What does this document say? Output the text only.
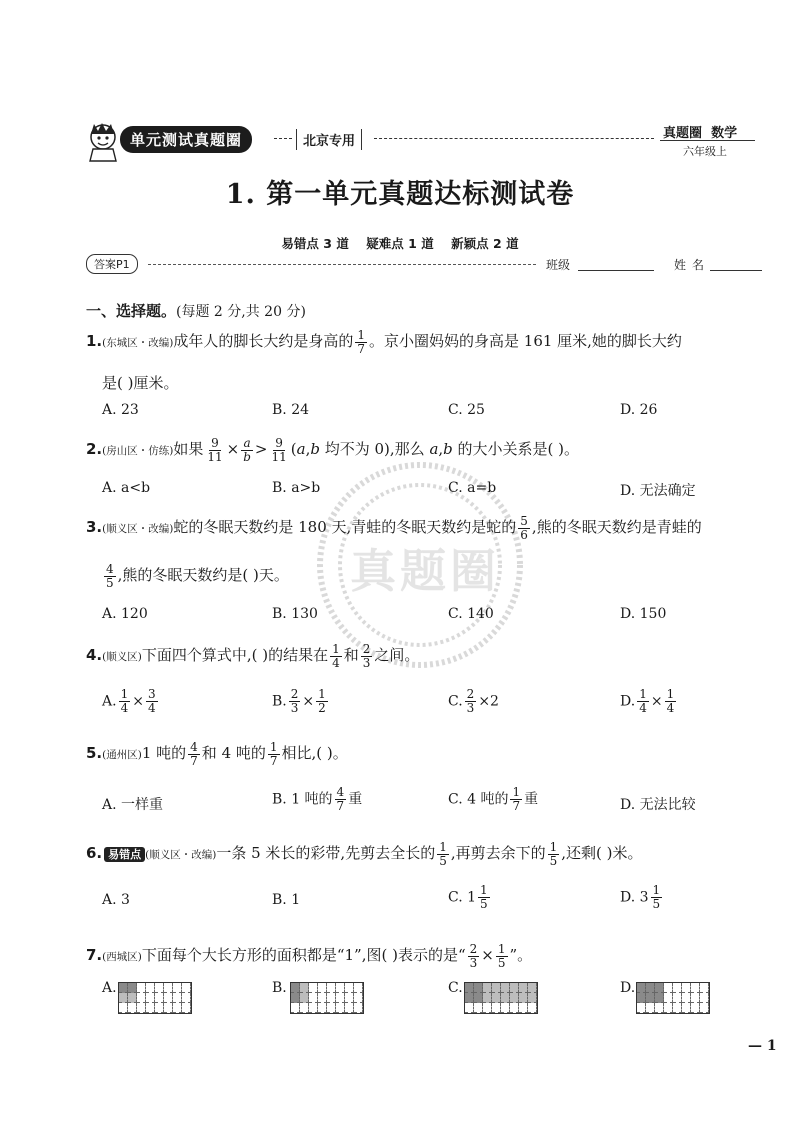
单元测试真题圈	北京专用
真题圈 数学
六年级上
1. 第一单元真题达标测试卷
易错点 3 道 疑难点 1 道 新颖点 2 道
答案P1	班级	姓名
真题圈
一、选择题。(每题 2 分,共 20 分)
1.(东城区・改编)成年人的脚长大约是身高的 $\frac{1}{7}$ 。京小圈妈妈的身高是 161 厘米,她的脚长大约
是( )厘米。
A. 23	B. 24	C. 25	D. 26
2.(房山区・仿练)如果 $\frac{9}{11} \times \frac{a}{b} > \frac{9}{11} (a,b$ 均不为 0),那么 a,b 的大小关系是( )。
A. a<b	B. a>b	C. a=b	D. 无法确定
3.(顺义区・改编)蛇的冬眠天数约是 180 天,青蛙的冬眠天数约是蛇的 $\frac{5}{6}$ ,熊的冬眠天数约是青蛙的
$\frac{4}{5}$ ,熊的冬眠天数约是( )天。
A. 120	B. 130	C. 140	D. 150
4.(顺义区)下面四个算式中,( )的结果在 $\frac{1}{4}$ 和 $\frac{2}{3}$ 之间。
A. $\frac{1}{4} \times \frac{3}{4}$	B. $\frac{2}{3} \times \frac{1}{2}$	C. $\frac{2}{3} \times 2$	D. $\frac{1}{4} \times \frac{1}{4}$
5.(通州区)1 吨的 $\frac{4}{7}$ 和 4 吨的 $\frac{1}{7}$ 相比,( )。
A. 一样重	B. 1 吨的 $\frac{4}{7}$ 重	C. 4 吨的 $\frac{1}{7}$ 重	D. 无法比较
6. 易错点 (顺义区・改编)一条 5 米长的彩带,先剪去全长的 $\frac{1}{5}$ ,再剪去余下的 $\frac{1}{5}$ ,还剩( )米。
A. 3	B. 1	C. $1 \frac{1}{5}$	D. $3 \frac{1}{5}$
7.(西城区)下面每个大长方形的面积都是“1”,图( )表示的是“ $\frac{2}{3} \times \frac{1}{5}$ ”。
A.	B.	C.	D.
— 1
